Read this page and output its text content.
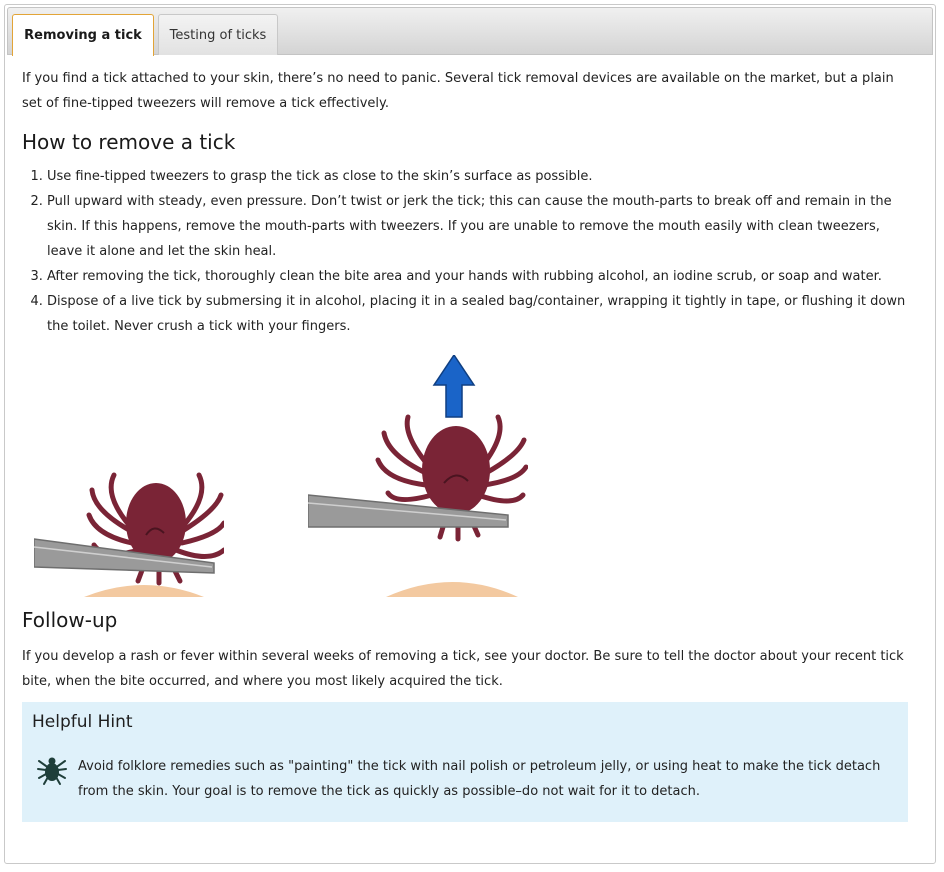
Removing a tick	Testing of ticks

If you find a tick attached to your skin, there’s no need to panic. Several tick removal devices are available on the market, but a plain set of fine-tipped tweezers will remove a tick effectively.

How to remove a tick
1. Use fine-tipped tweezers to grasp the tick as close to the skin’s surface as possible.
2. Pull upward with steady, even pressure. Don’t twist or jerk the tick; this can cause the mouth-parts to break off and remain in the skin. If this happens, remove the mouth-parts with tweezers. If you are unable to remove the mouth easily with clean tweezers, leave it alone and let the skin heal.
3. After removing the tick, thoroughly clean the bite area and your hands with rubbing alcohol, an iodine scrub, or soap and water.
4. Dispose of a live tick by submersing it in alcohol, placing it in a sealed bag/container, wrapping it tightly in tape, or flushing it down the toilet. Never crush a tick with your fingers.
Follow-up

If you develop a rash or fever within several weeks of removing a tick, see your doctor. Be sure to tell the doctor about your recent tick bite, when the bite occurred, and where you most likely acquired the tick.

Helpful Hint
Avoid folklore remedies such as "painting" the tick with nail polish or petroleum jelly, or using heat to make the tick detach from the skin. Your goal is to remove the tick as quickly as possible–do not wait for it to detach.
